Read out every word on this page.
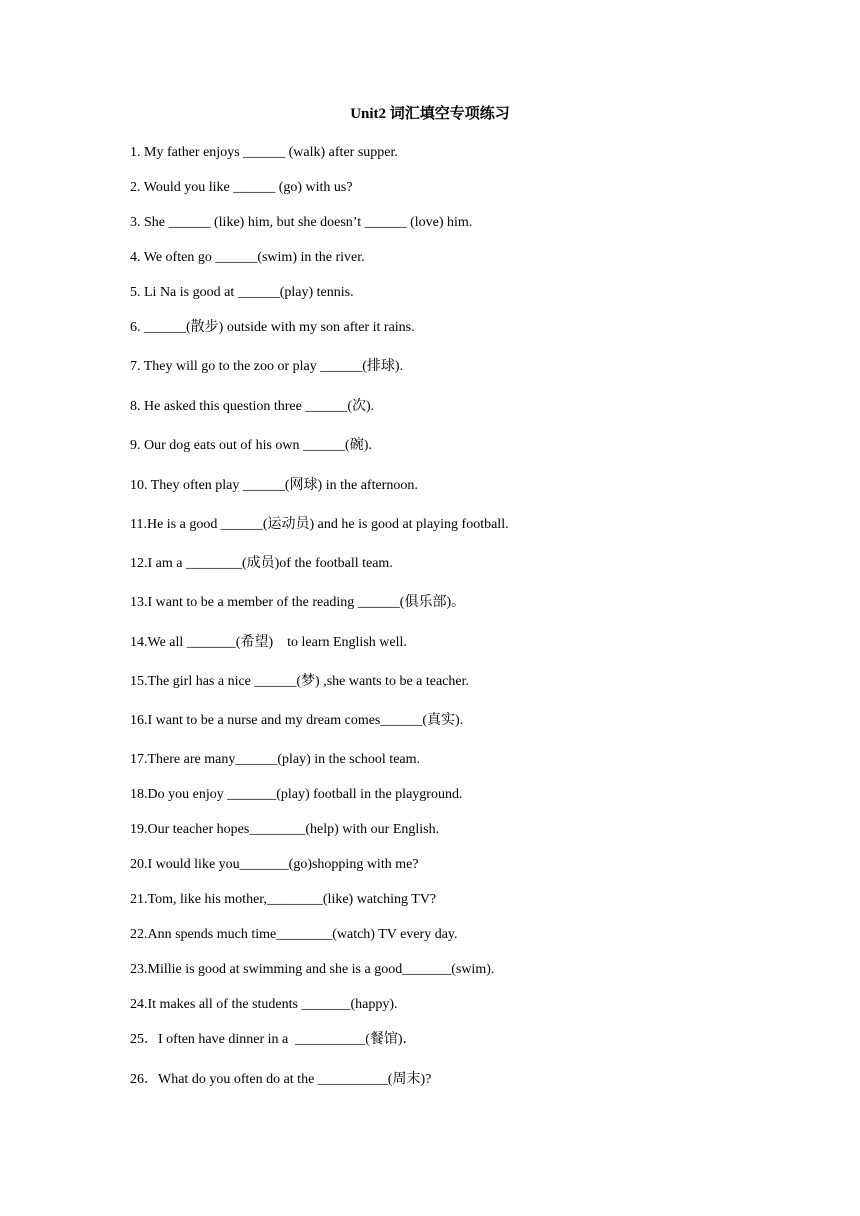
Unit2 词汇填空专项练习
1. My father enjoys ______ (walk) after supper.
2. Would you like ______ (go) with us?
3. She ______ (like) him, but she doesn’t ______ (love) him.
4. We often go ______(swim) in the river.
5. Li Na is good at ______(play) tennis.
6. ______(散步) outside with my son after it rains.
7. They will go to the zoo or play ______(排球).
8. He asked this question three ______(次).
9. Our dog eats out of his own ______(碗).
10. They often play ______(网球) in the afternoon.
11.He is a good ______(运动员) and he is good at playing football.
12.I am a ________(成员)of the football team.
13.I want to be a member of the reading ______(俱乐部)。
14.We all _______(希望)    to learn English well.
15.The girl has a nice ______(梦) ,she wants to be a teacher.
16.I want to be a nurse and my dream comes______(真实).
17.There are many______(play) in the school team.
18.Do you enjoy _______(play) football in the playground.
19.Our teacher hopes________(help) with our English.
20.I would like you_______(go)shopping with me?
21.Tom, like his mother,________(like) watching TV?
22.Ann spends much time________(watch) TV every day.
23.Millie is good at swimming and she is a good_______(swim).
24.It makes all of the students _______(happy).
25．I often have dinner in a  __________(餐馆)．
26．What do you often do at the __________(周末)?
